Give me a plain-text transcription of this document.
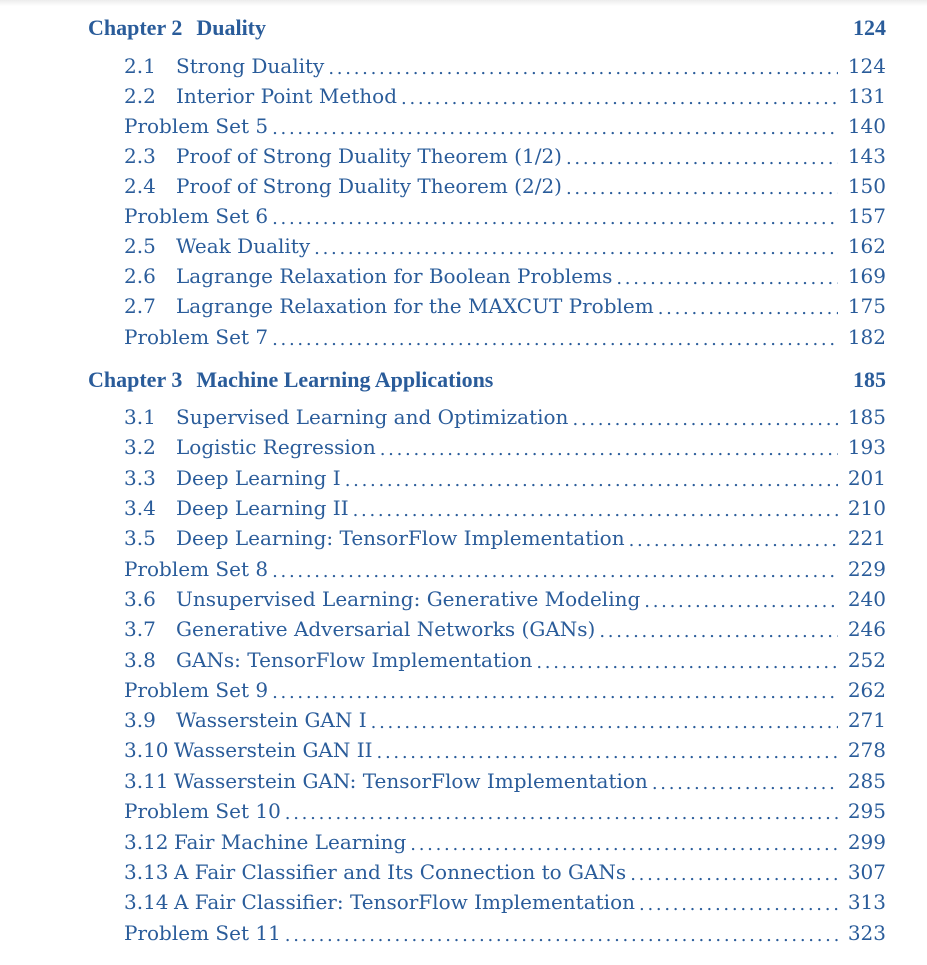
Chapter 2 Duality	124
2.1	Strong Duality . . .	124
2.2	Interior Point Method . . .	131
Problem Set 5 . . .	140
2.3	Proof of Strong Duality Theorem (1/2) . . .	143
2.4	Proof of Strong Duality Theorem (2/2) . . .	150
Problem Set 6 . . .	157
2.5	Weak Duality . . .	162
2.6	Lagrange Relaxation for Boolean Problems . . .	169
2.7	Lagrange Relaxation for the MAXCUT Problem . . .	175
Problem Set 7 . . .	182
Chapter 3 Machine Learning Applications	185
3.1	Supervised Learning and Optimization . . .	185
3.2	Logistic Regression . . .	193
3.3	Deep Learning I . . .	201
3.4	Deep Learning II . . .	210
3.5	Deep Learning: TensorFlow Implementation . . .	221
Problem Set 8 . . .	229
3.6	Unsupervised Learning: Generative Modeling . . .	240
3.7	Generative Adversarial Networks (GANs) . . .	246
3.8	GANs: TensorFlow Implementation . . .	252
Problem Set 9 . . .	262
3.9	Wasserstein GAN I . . .	271
3.10 Wasserstein GAN II . . .	278
3.11 Wasserstein GAN: TensorFlow Implementation . . .	285
Problem Set 10 . . .	295
3.12 Fair Machine Learning . . .	299
3.13 A Fair Classifier and Its Connection to GANs . . .	307
3.14 A Fair Classifier: TensorFlow Implementation . . .	313
Problem Set 11 . . .	323
